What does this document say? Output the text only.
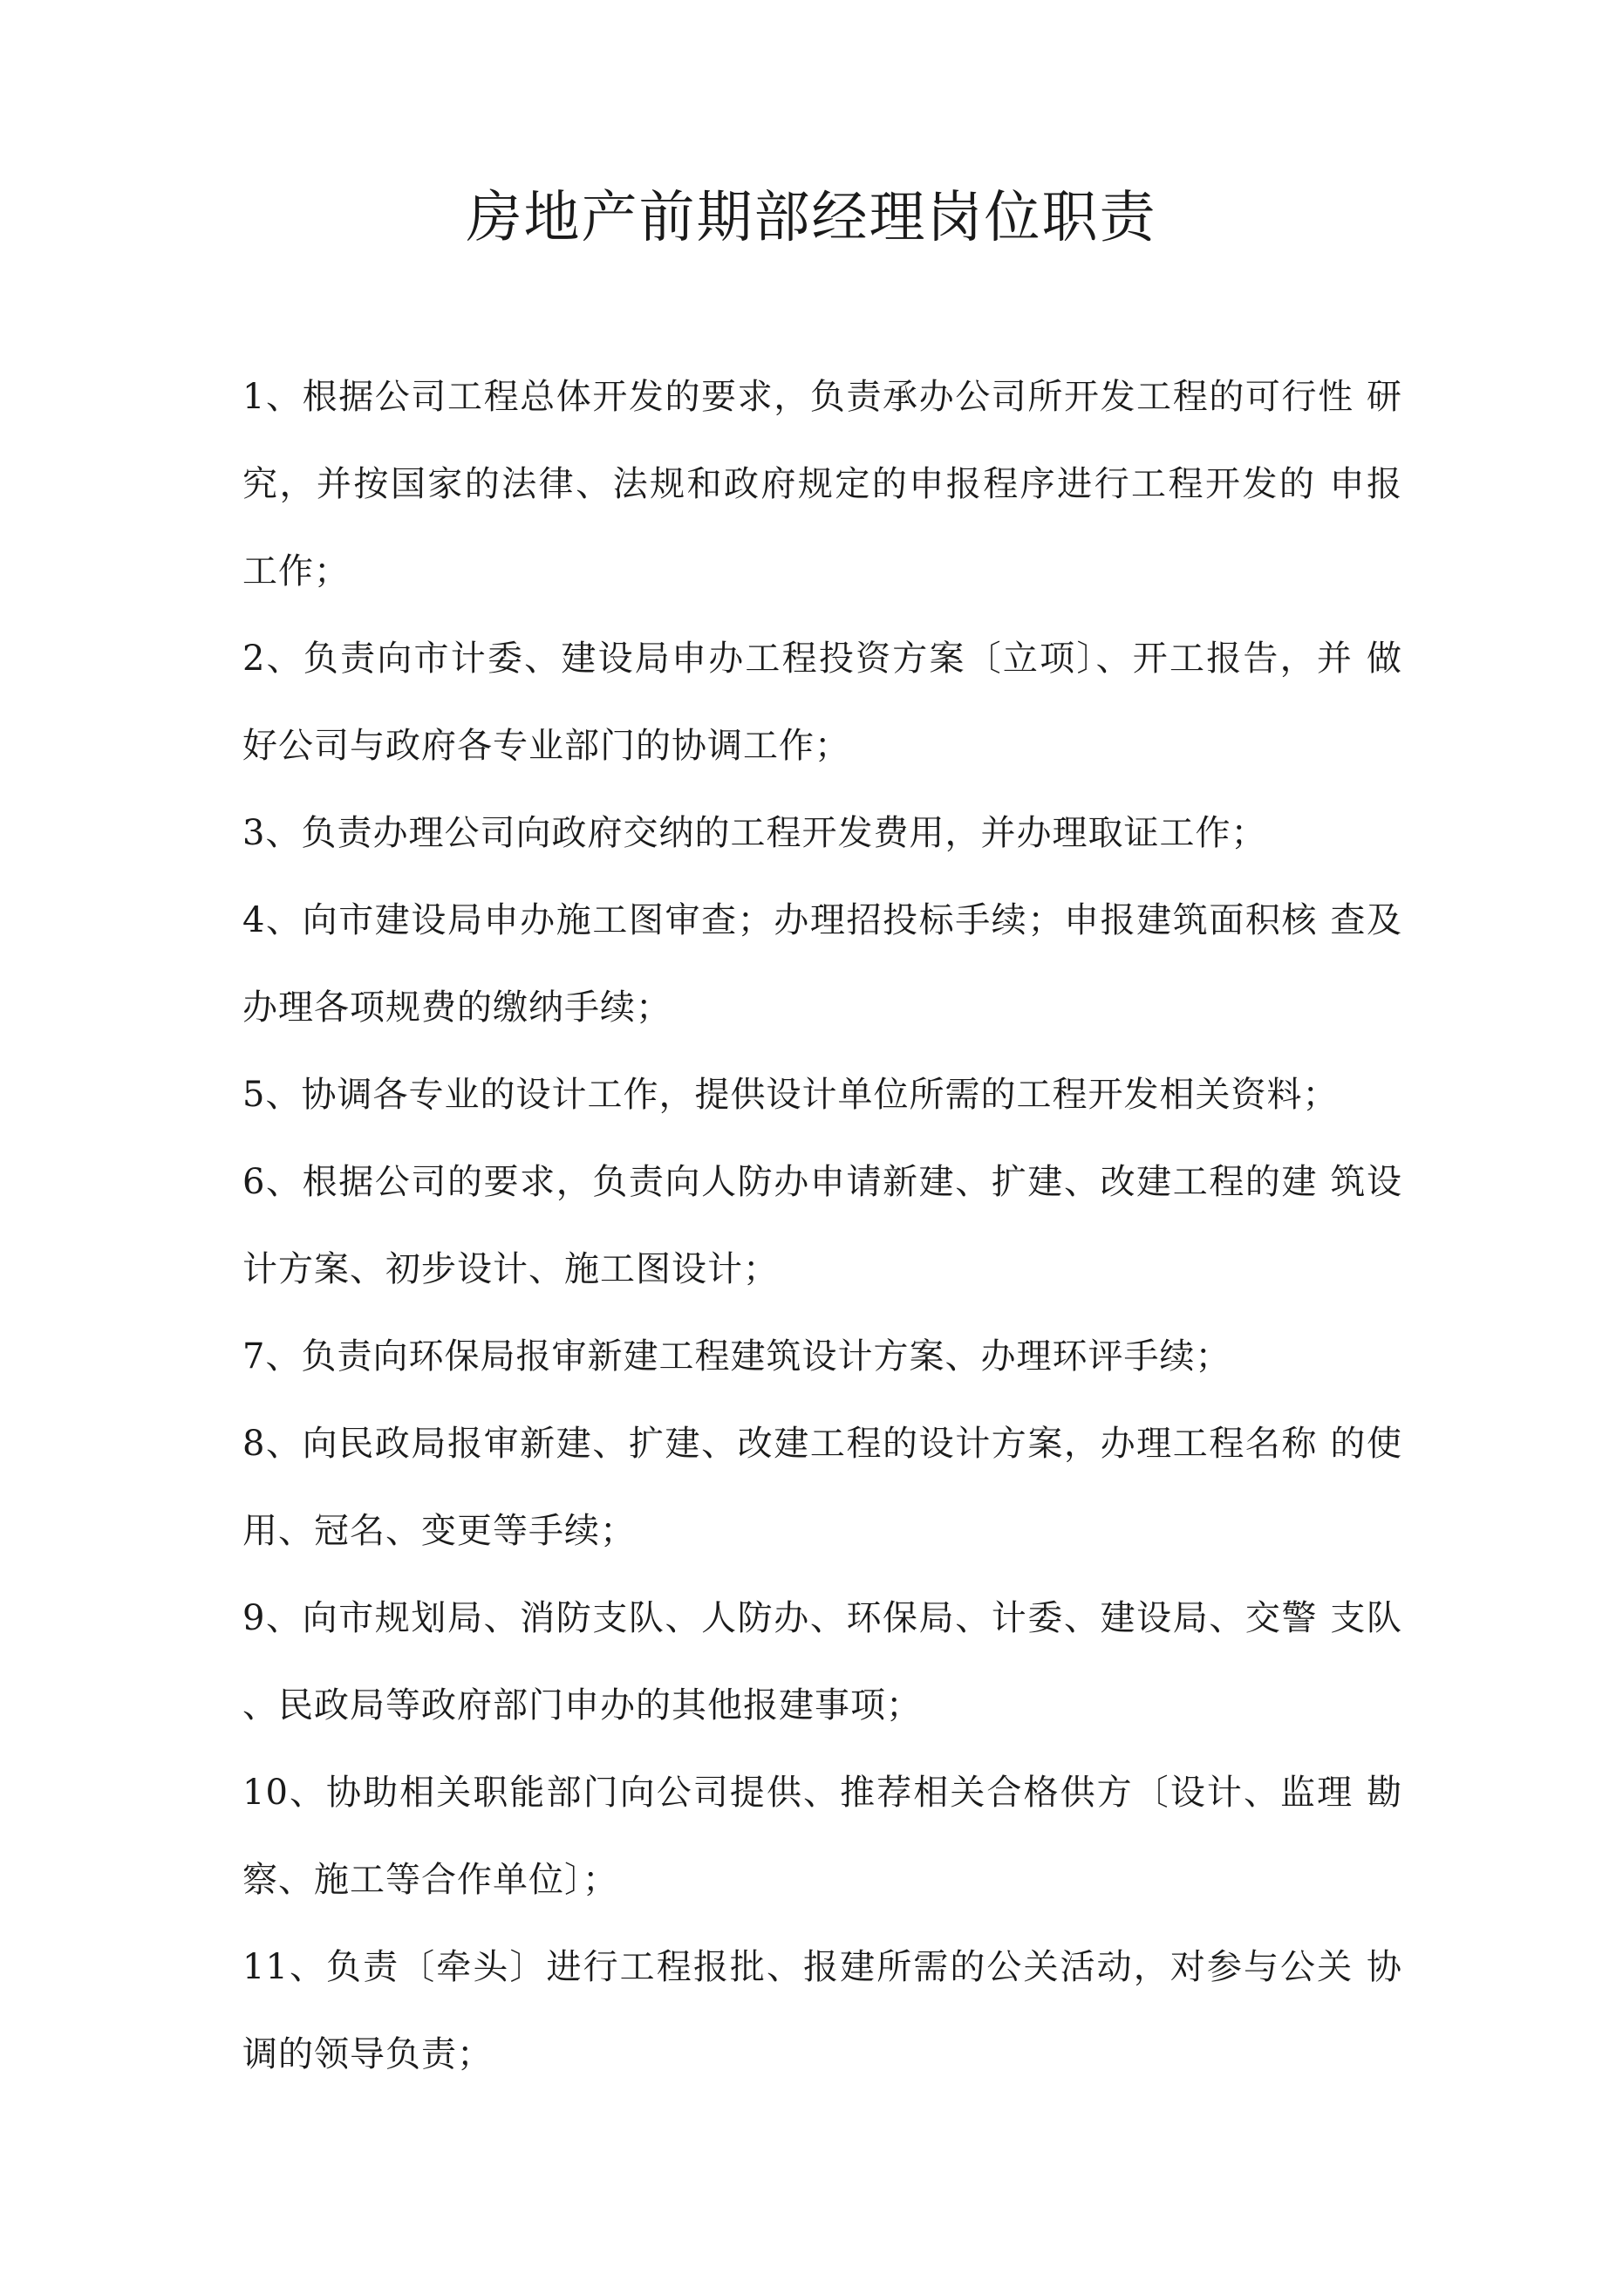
房地产前期部经理岗位职责
1、根据公司工程总体开发的要求，负责承办公司所开发工程的可行性 研
究，并按国家的法律、法规和政府规定的申报程序进行工程开发的 申报
工作；
2、负责向市计委、建设局申办工程投资方案〔立项〕、开工报告，并 做
好公司与政府各专业部门的协调工作；
3、负责办理公司向政府交纳的工程开发费用，并办理取证工作；
4、向市建设局申办施工图审查；办理招投标手续；申报建筑面积核 查及
办理各项规费的缴纳手续；
5、协调各专业的设计工作，提供设计单位所需的工程开发相关资料；
6、根据公司的要求，负责向人防办申请新建、扩建、改建工程的建 筑设
计方案、初步设计、施工图设计；
7、负责向环保局报审新建工程建筑设计方案、办理环评手续；
8、向民政局报审新建、扩建、改建工程的设计方案，办理工程名称 的使
用、冠名、变更等手续；
9、向市规划局、消防支队、人防办、环保局、计委、建设局、交警 支队
、民政局等政府部门申办的其他报建事项；
10、协助相关职能部门向公司提供、推荐相关合格供方〔设计、监理 勘
察、施工等合作单位〕；
11、负责〔牵头〕进行工程报批、报建所需的公关活动，对参与公关 协
调的领导负责；
